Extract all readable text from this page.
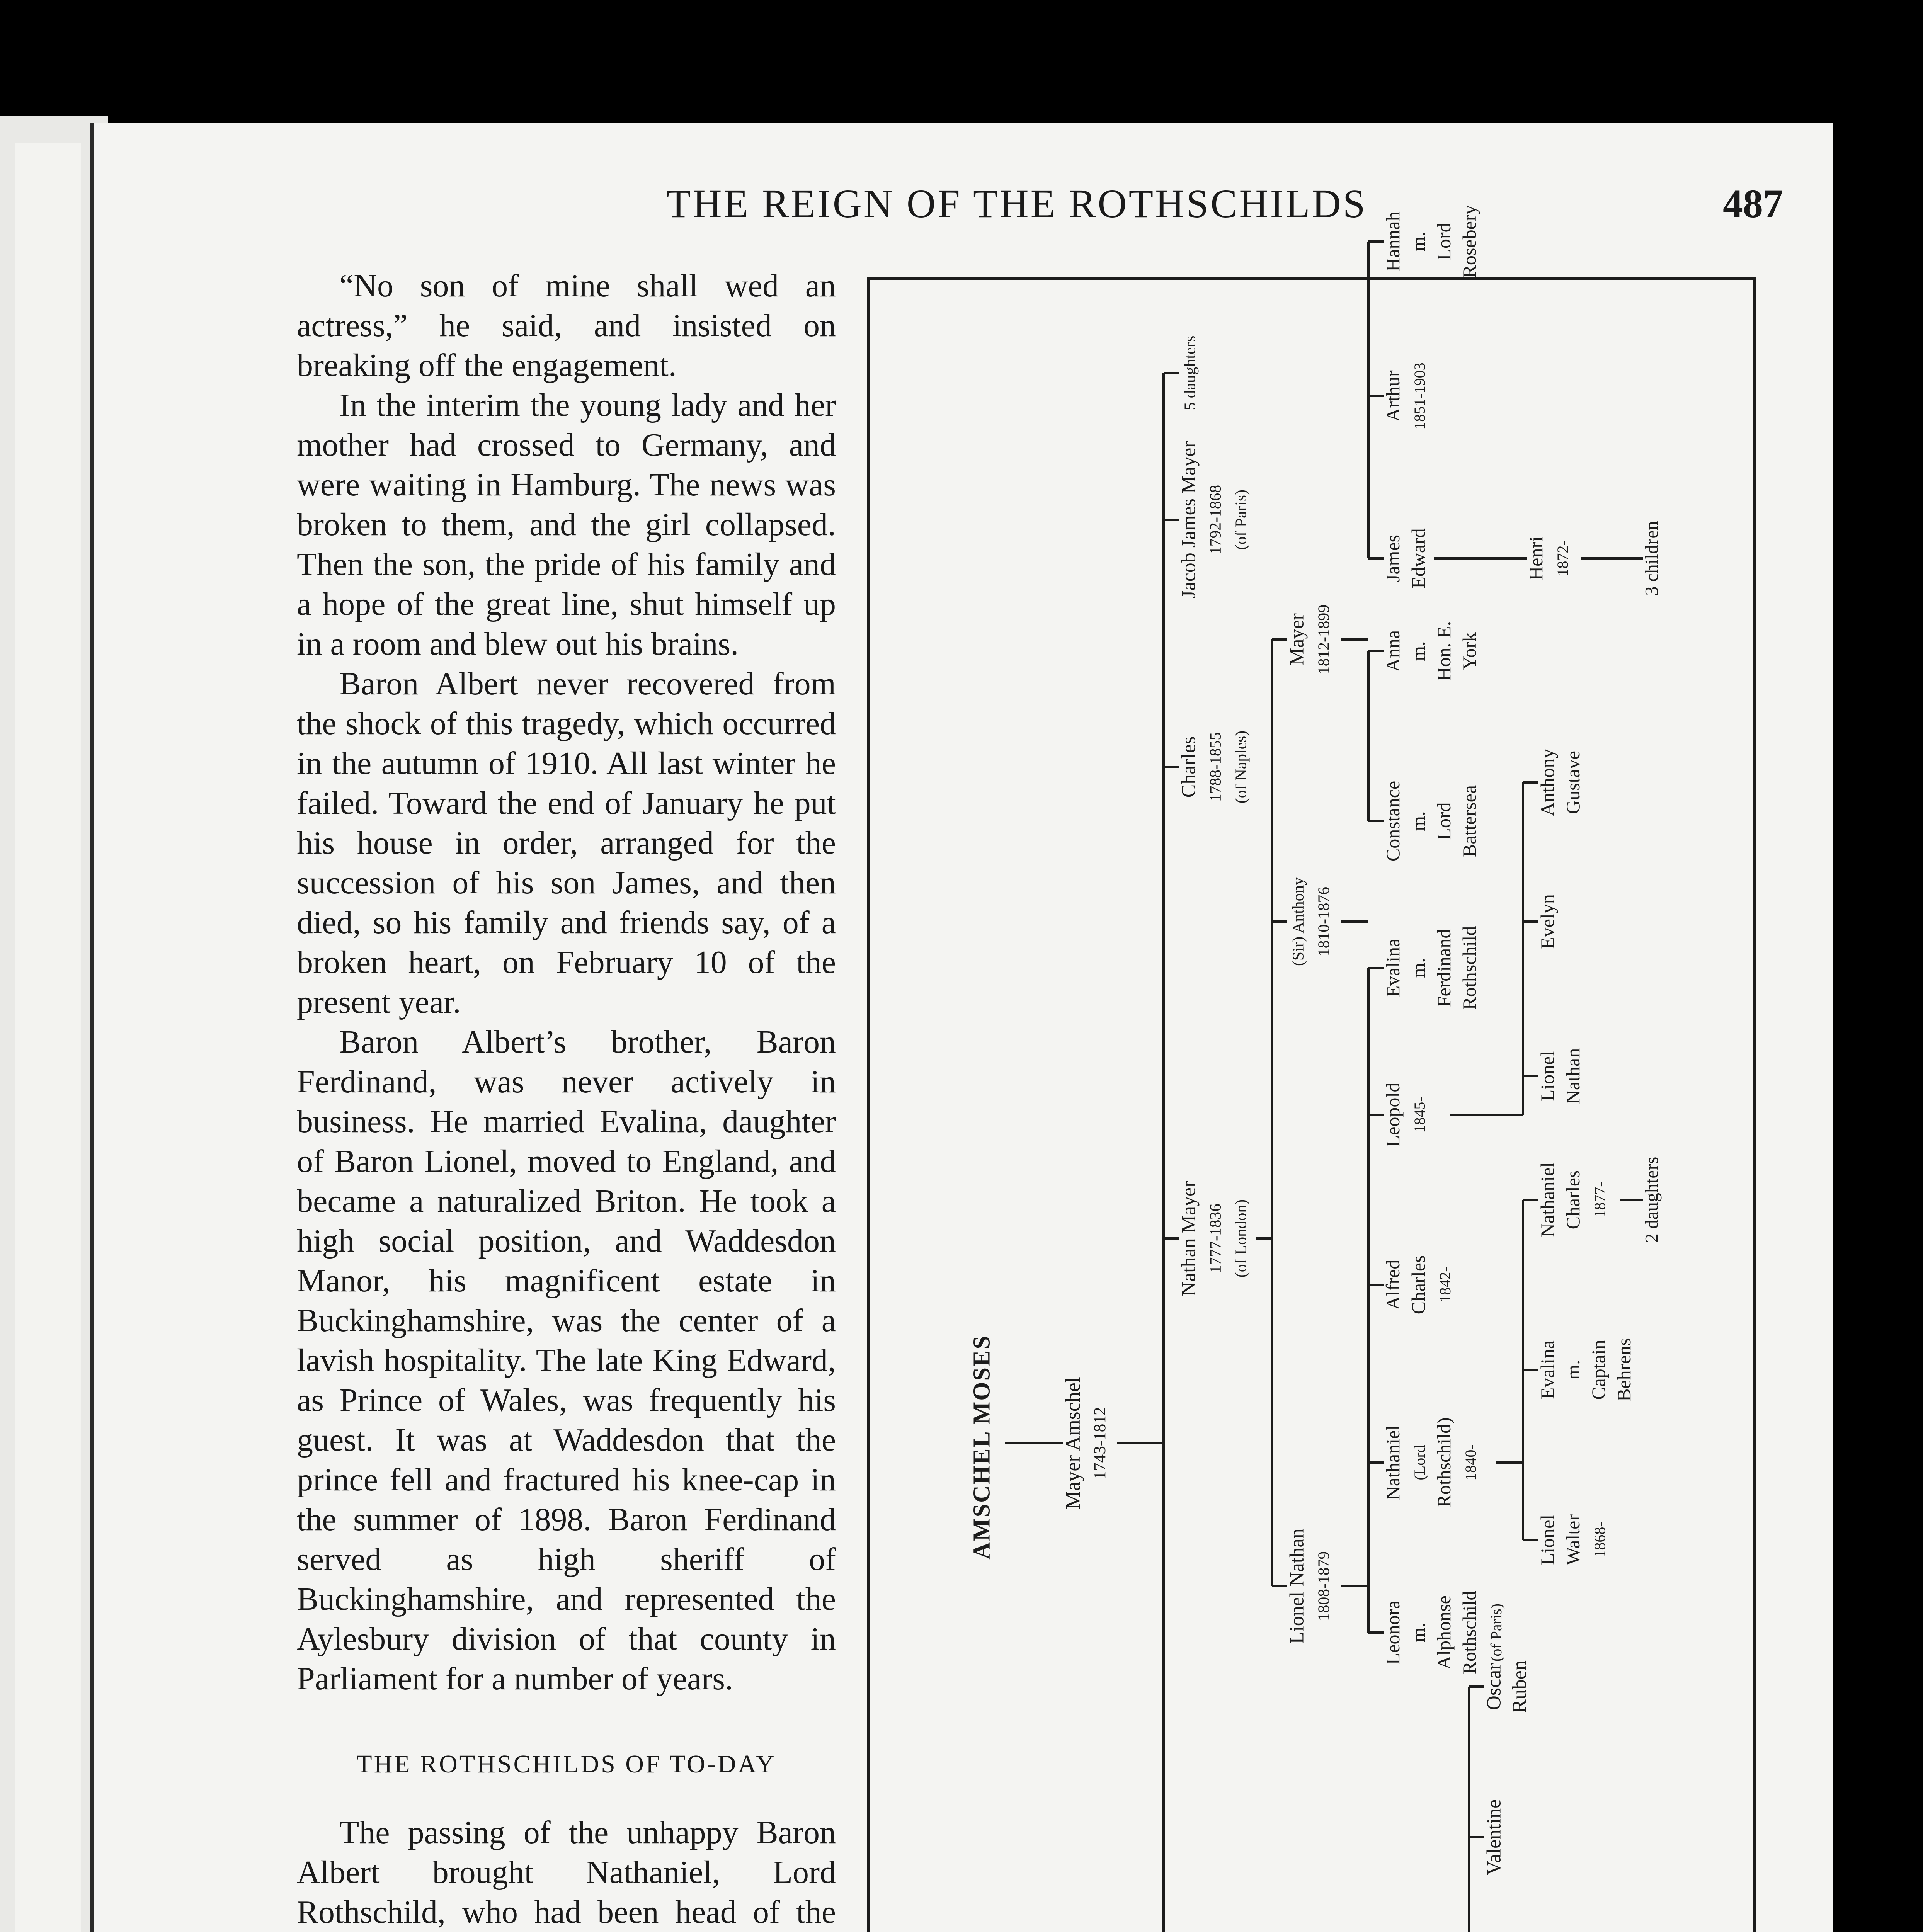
THE REIGN OF THE ROTHSCHILDS	487

“No son of mine shall wed an actress,” he said, and insisted on breaking off the engagement.

In the interim the young lady and her mother had crossed to Germany, and were waiting in Hamburg. The news was broken to them, and the girl collapsed. Then the son, the pride of his family and a hope of the great line, shut himself up in a room and blew out his brains.

Baron Albert never recovered from the shock of this tragedy, which occurred in the autumn of 1910. All last winter he failed. Toward the end of January he put his house in order, arranged for the succession of his son James, and then died, so his family and friends say, of a broken heart, on February 10 of the present year.

Baron Albert’s brother, Baron Ferdinand, was never actively in business. He married Evalina, daughter of Baron Lionel, moved to England, and became a naturalized Briton. He took a high social position, and Waddesdon Manor, his magnificent estate in Buckinghamshire, was the center of a lavish hospitality. The late King Edward, as Prince of Wales, was frequently his guest. It was at Waddesdon that the prince fell and fractured his knee-cap in the summer of 1898. Baron Ferdinand served as high sheriff of Buckinghamshire, and represented the Aylesbury division of that county in Parliament for a number of years.

THE ROTHSCHILDS OF TO-DAY

The passing of the unhappy Baron Albert brought Nathaniel, Lord Rothschild, who had been head of the

AMSCHEL MOSES	Mayer Amschel 1743-1812
Nathan Mayer 1777-1836 (of London)
Charles 1788-1855 (of Naples)
Jacob James Mayer 1792-1868 (of Paris)
5 daughters
Valentine
Oscar Ruben
Lionel Nathan 1808-1879
(Sir) Anthony 1810-1876
Mayer 1812-1899
Leonora m. Alphonse Rothschild (of Paris)
Nathaniel (Lord Rothschild) 1840-
Alfred Charles 1842-
Leopold 1845-
Evalina m. Ferdinand Rothschild
Constance m. Lord Battersea
Anna m. Hon. E. York
James Edward
Arthur 1851-1903
Hannah m. Lord Rosebery
Lionel Walter 1868-
Evalina m. Captain Behrens
Nathaniel Charles 1877- 2 daughters
Lionel Nathan
Evelyn
Anthony Gustave
Henri 1872-	3 children
